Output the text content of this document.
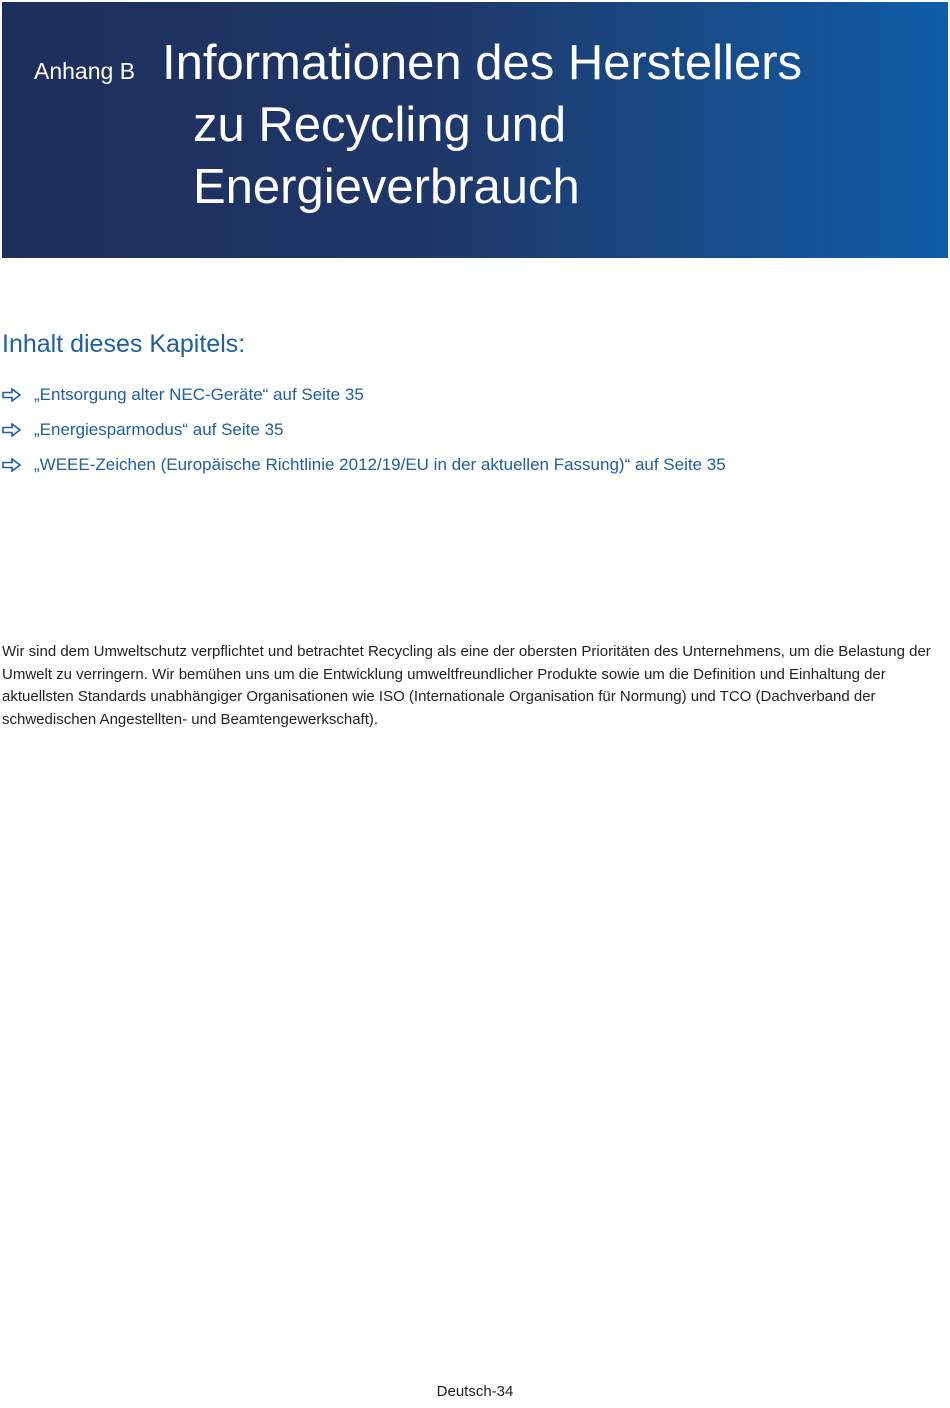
Anhang B Informationen des Herstellers
zu Recycling und
Energieverbrauch
Inhalt dieses Kapitels:
„Entsorgung alter NEC-Geräte“ auf Seite 35
„Energiesparmodus“ auf Seite 35
„WEEE-Zeichen (Europäische Richtlinie 2012/19/EU in der aktuellen Fassung)“ auf Seite 35

Wir sind dem Umweltschutz verpflichtet und betrachtet Recycling als eine der obersten Prioritäten des Unternehmens, um die Belastung der Umwelt zu verringern. Wir bemühen uns um die Entwicklung umweltfreundlicher Produkte sowie um die Definition und Einhaltung der aktuellsten Standards unabhängiger Organisationen wie ISO (Internationale Organisation für Normung) und TCO (Dachverband der schwedischen Angestellten- und Beamtengewerkschaft).

Deutsch-34
